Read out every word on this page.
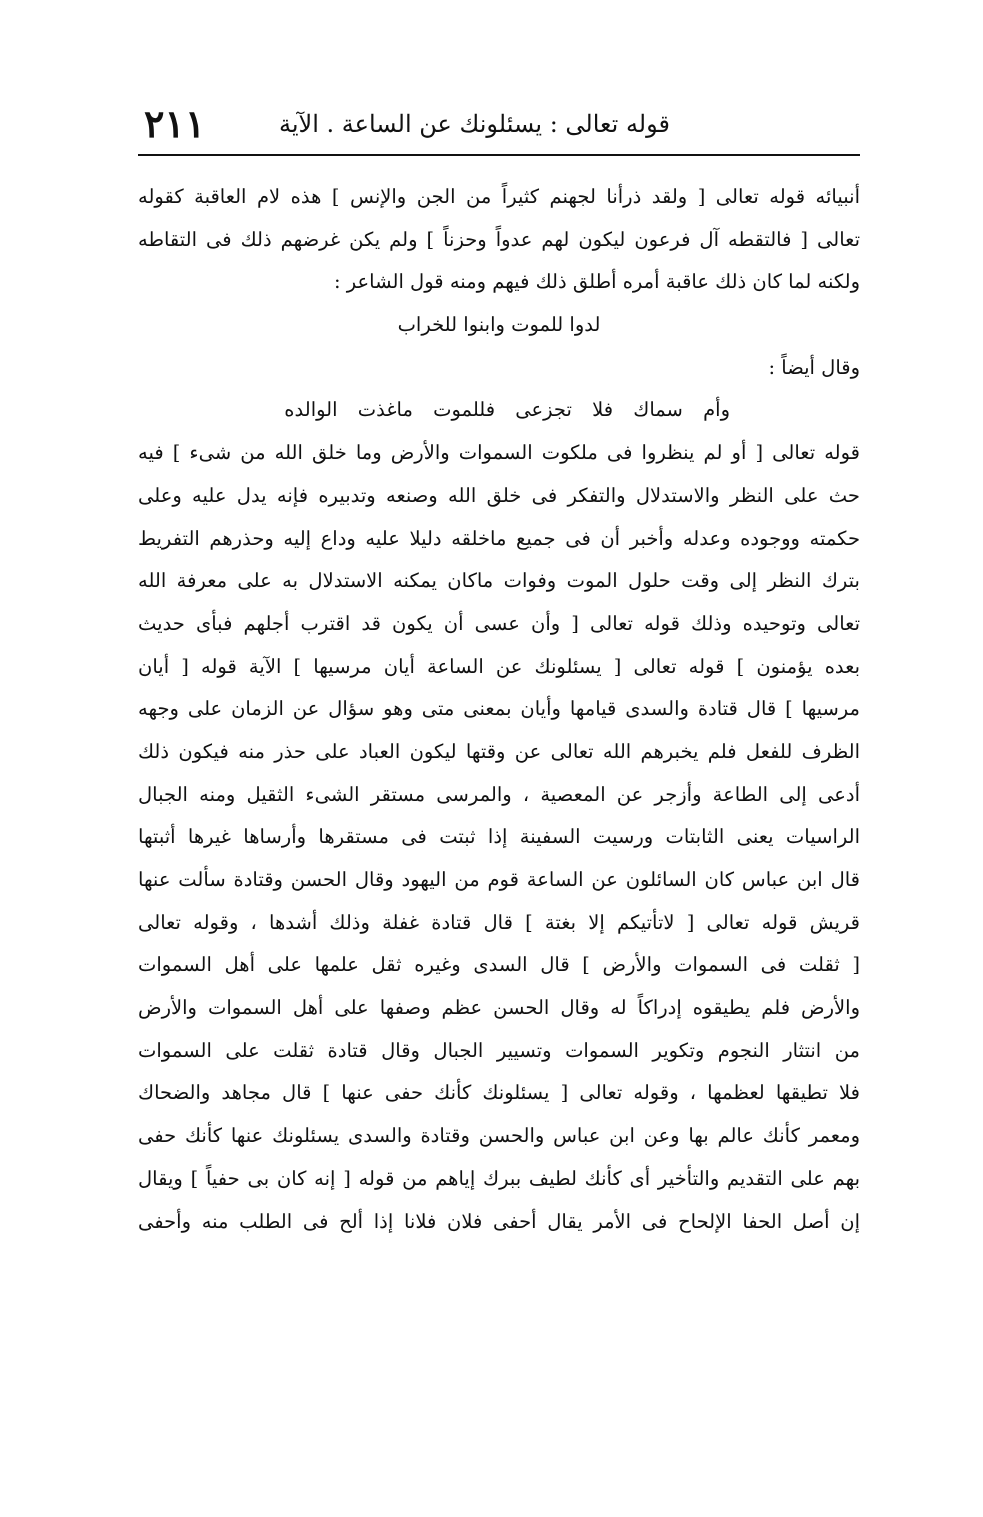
٢١١	قوله تعالى : يسئلونك عن الساعة . الآية
أنبيائه قوله تعالى [ ولقد ذرأنا لجهنم كثيراً من الجن والإنس ] هذه لام العاقبة كقوله
تعالى [ فالتقطه آل فرعون ليكون لهم عدواً وحزناً ] ولم يكن غرضهم ذلك فى التقاطه
ولكنه لما كان ذلك عاقبة أمره أطلق ذلك فيهم ومنه قول الشاعر :
لدوا للموت وابنوا للخراب
وقال أيضاً :
وأم سماك فلا تجزعى فللموت ماغذت الوالده
قوله تعالى [ أو لم ينظروا فى ملكوت السموات والأرض وما خلق الله من شىء ] فيه
حث على النظر والاستدلال والتفكر فى خلق الله وصنعه وتدبيره فإنه يدل عليه وعلى
حكمته ووجوده وعدله وأخبر أن فى جميع ماخلقه دليلا عليه وداع إليه وحذرهم التفريط
بترك النظر إلى وقت حلول الموت وفوات ماكان يمكنه الاستدلال به على معرفة الله
تعالى وتوحيده وذلك قوله تعالى [ وأن عسى أن يكون قد اقترب أجلهم فبأى حديث
بعده يؤمنون ] قوله تعالى [ يسئلونك عن الساعة أيان مرسيها ] الآية قوله [ أيان
مرسيها ] قال قتادة والسدى قيامها وأيان بمعنى متى وهو سؤال عن الزمان على وجهه
الظرف للفعل فلم يخبرهم الله تعالى عن وقتها ليكون العباد على حذر منه فيكون ذلك
أدعى إلى الطاعة وأزجر عن المعصية ، والمرسى مستقر الشىء الثقيل ومنه الجبال
الراسيات يعنى الثابتات ورسيت السفينة إذا ثبتت فى مستقرها وأرساها غيرها أثبتها
قال ابن عباس كان السائلون عن الساعة قوم من اليهود وقال الحسن وقتادة سألت عنها
قريش قوله تعالى [ لاتأتيكم إلا بغتة ] قال قتادة غفلة وذلك أشدها ، وقوله تعالى
[ ثقلت فى السموات والأرض ] قال السدى وغيره ثقل علمها على أهل السموات
والأرض فلم يطيقوه إدراكاً له وقال الحسن عظم وصفها على أهل السموات والأرض
من انتثار النجوم وتكوير السموات وتسيير الجبال وقال قتادة ثقلت على السموات
فلا تطيقها لعظمها ، وقوله تعالى [ يسئلونك كأنك حفى عنها ] قال مجاهد والضحاك
ومعمر كأنك عالم بها وعن ابن عباس والحسن وقتادة والسدى يسئلونك عنها كأنك حفى
بهم على التقديم والتأخير أى كأنك لطيف ببرك إياهم من قوله [ إنه كان بى حفياً ] ويقال
إن أصل الحفا الإلحاح فى الأمر يقال أحفى فلان فلانا إذا ألح فى الطلب منه وأحفى
